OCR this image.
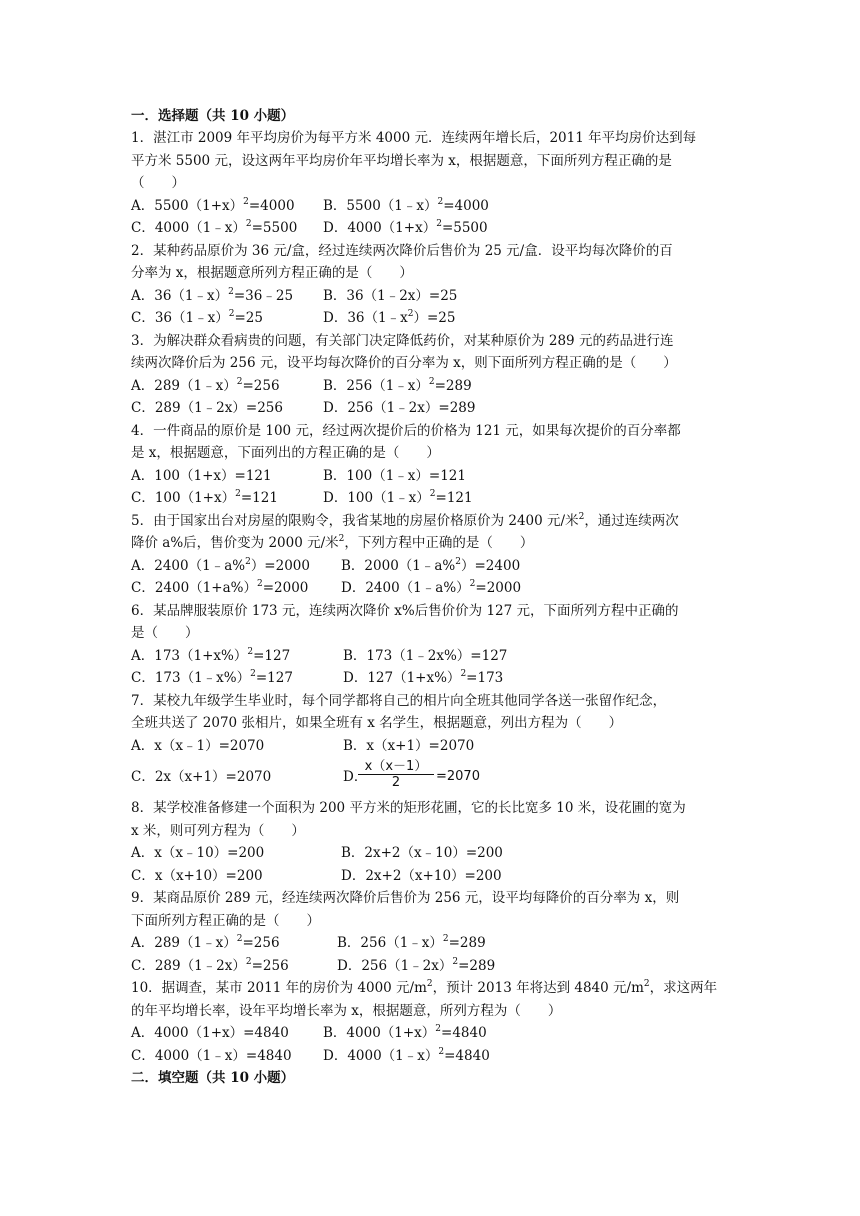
一．选择题（共 10 小题）
1．湛江市 2009 年平均房价为每平方米 4000 元．连续两年增长后，2011 年平均房价达到每
平方米 5500 元，设这两年平均房价年平均增长率为 x，根据题意，下面所列方程正确的是
（　　）
A．$5500(1+x)^2=4000$ B．5500（1﹣x）$^2$=4000
C．4000（1﹣x）$^2$=5500 D．$4000(1+x)^2=5500$
2．某种药品原价为 36 元/盒，经过连续两次降价后售价为 25 元/盒．设平均每次降价的百
分率为 x，根据题意所列方程正确的是（　　）
A．36（1﹣x）$^2$=36﹣25 B．36（1﹣2x）=25
C．36（1﹣x）$^2$=25	D．$36(1﹣x^2)=25$
3．为解决群众看病贵的问题，有关部门决定降低药价，对某种原价为 289 元的药品进行连
续两次降价后为 256 元，设平均每次降价的百分率为 x，则下面所列方程正确的是（　　）
A．289（1﹣x）$^2$=256	B．256（1﹣x）$^2$=289
C．289（1﹣2x）=256	D．256（1﹣2x）=289
4．一件商品的原价是 100 元，经过两次提价后的价格为 121 元，如果每次提价的百分率都
是 x，根据题意，下面列出的方程正确的是（　　）
A．100（1+x）=121	B．100（1﹣x）=121
C．$100(1+x)^2=121$	D．100（1﹣x）$^2$=121
5．由于国家出台对房屋的限购令，我省某地的房屋价格原价为 2400 元/米$^2$，通过连续两次
降价 a%后，售价变为 2000 元/米$^2$，下列方程中正确的是（　　）
A．2400（1﹣a%$^2$）=2000 B．2000（1﹣a%$^2$）=2400
C．$2400(1+a\%)^2=2000$ D．2400（1﹣a%）$^2$=2000
6．某品牌服装原价 173 元，连续两次降价 x%后售价价为 127 元，下面所列方程中正确的
是（　　）
A．$173(1+x\%)^2=127$	B．173（1﹣2x%）=127
C．173（1﹣x%）$^2$=127	D．$127(1+x\%)^2=173$
7．某校九年级学生毕业时，每个同学都将自己的相片向全班其他同学各送一张留作纪念，
全班共送了 2070 张相片，如果全班有 x 名学生，根据题意，列出方程为（　　）
A．x（x﹣1）=2070	B．x（x+1）=2070
C．2x（x+1）=2070	D．
x（x－1）
2	=2070
8．某学校准备修建一个面积为 200 平方米的矩形花圃，它的长比宽多 10 米，设花圃的宽为
x 米，则可列方程为（　　）
A．x（x﹣10）=200	B．2x+2（x﹣10）=200
C．x（x+10）=200	D．2x+2（x+10）=200
9．某商品原价 289 元，经连续两次降价后售价为 256 元，设平均每降价的百分率为 x，则
下面所列方程正确的是（　　）
A．289（1﹣x）$^2$=256	B．256（1﹣x）$^2$=289
C．289（1﹣2x）$^2$=256	D．256（1﹣2x）$^2$=289
10．据调查，某市 2011 年的房价为 4000 元$/m^2$，预计 2013 年将达到 4840 元$/m^2$，求这两年
的年平均增长率，设年平均增长率为 x，根据题意，所列方程为（　　）
A．4000（1+x）=4840	B．$4000(1+x)^2=4840$
C．4000（1﹣x）=4840 D．4000（1﹣x）$^2$=4840
二．填空题（共 10 小题）
